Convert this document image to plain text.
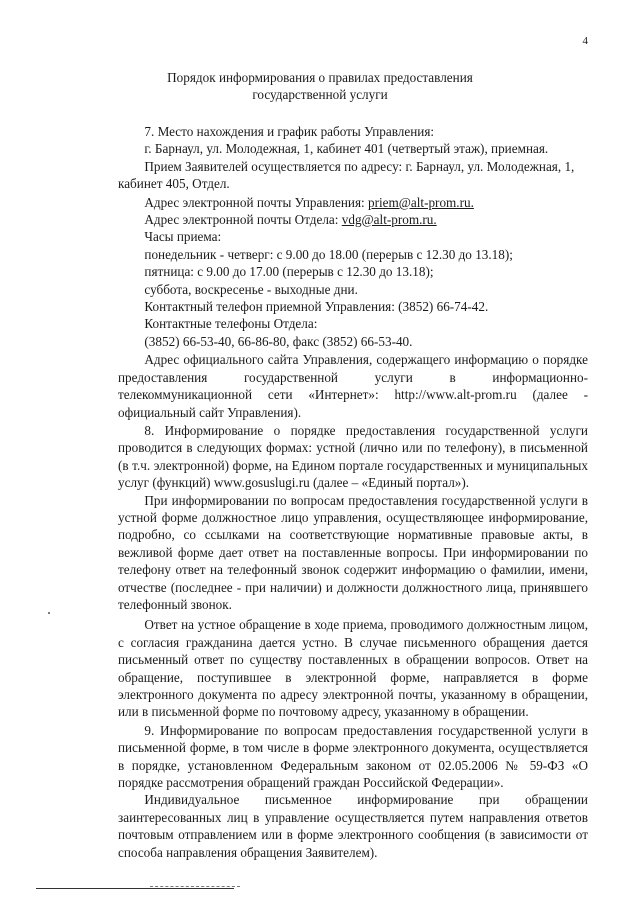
4
Порядок информирования о правилах предоставления
государственной услуги

7. Место нахождения и график работы Управления:

г. Барнаул, ул. Молодежная, 1, кабинет 401 (четвертый этаж), приемная.

Прием Заявителей осуществляется по адресу: г. Барнаул, ул. Молодежная, 1, кабинет 405, Отдел.

Адрес электронной почты Управления: priem@alt-prom.ru.

Адрес электронной почты Отдела: vdg@alt-prom.ru.

Часы приема:

понедельник - четверг: с 9.00 до 18.00 (перерыв с 12.30 до 13.18);

пятница: с 9.00 до 17.00 (перерыв с 12.30 до 13.18);

суббота, воскресенье - выходные дни.

Контактный телефон приемной Управления: (3852) 66-74-42.

Контактные телефоны Отдела:

(3852) 66-53-40, 66-86-80, факс (3852) 66-53-40.

Адрес официального сайта Управления, содержащего информацию о порядке предоставления государственной услуги в информационно-телекоммуникационной сети «Интернет»: http://www.alt-prom.ru (далее - официальный сайт Управления).

8. Информирование о порядке предоставления государственной услуги проводится в следующих формах: устной (лично или по телефону), в письменной (в т.ч. электронной) форме, на Едином портале государственных и муниципальных услуг (функций) www.gosuslugi.ru (далее – «Единый портал»).

При информировании по вопросам предоставления государственной услуги в устной форме должностное лицо управления, осуществляющее информирование, подробно, со ссылками на соответствующие нормативные правовые акты, в вежливой форме дает ответ на поставленные вопросы. При информировании по телефону ответ на телефонный звонок содержит информацию о фамилии, имени, отчестве (последнее - при наличии) и должности должностного лица, принявшего телефонный звонок.

Ответ на устное обращение в ходе приема, проводимого должностным лицом, с согласия гражданина дается устно. В случае письменного обращения дается письменный ответ по существу поставленных в обращении вопросов. Ответ на обращение, поступившее в электронной форме, направляется в форме электронного документа по адресу электронной почты, указанному в обращении, или в письменной форме по почтовому адресу, указанному в обращении.

9. Информирование по вопросам предоставления государственной услуги в письменной форме, в том числе в форме электронного документа, осуществляется в порядке, установленном Федеральным законом от 02.05.2006 № 59-ФЗ «О порядке рассмотрения обращений граждан Российской Федерации».

Индивидуальное письменное информирование при обращении заинтересованных лиц в управление осуществляется путем направления ответов почтовым отправлением или в форме электронного сообщения (в зависимости от способа направления обращения Заявителем).
